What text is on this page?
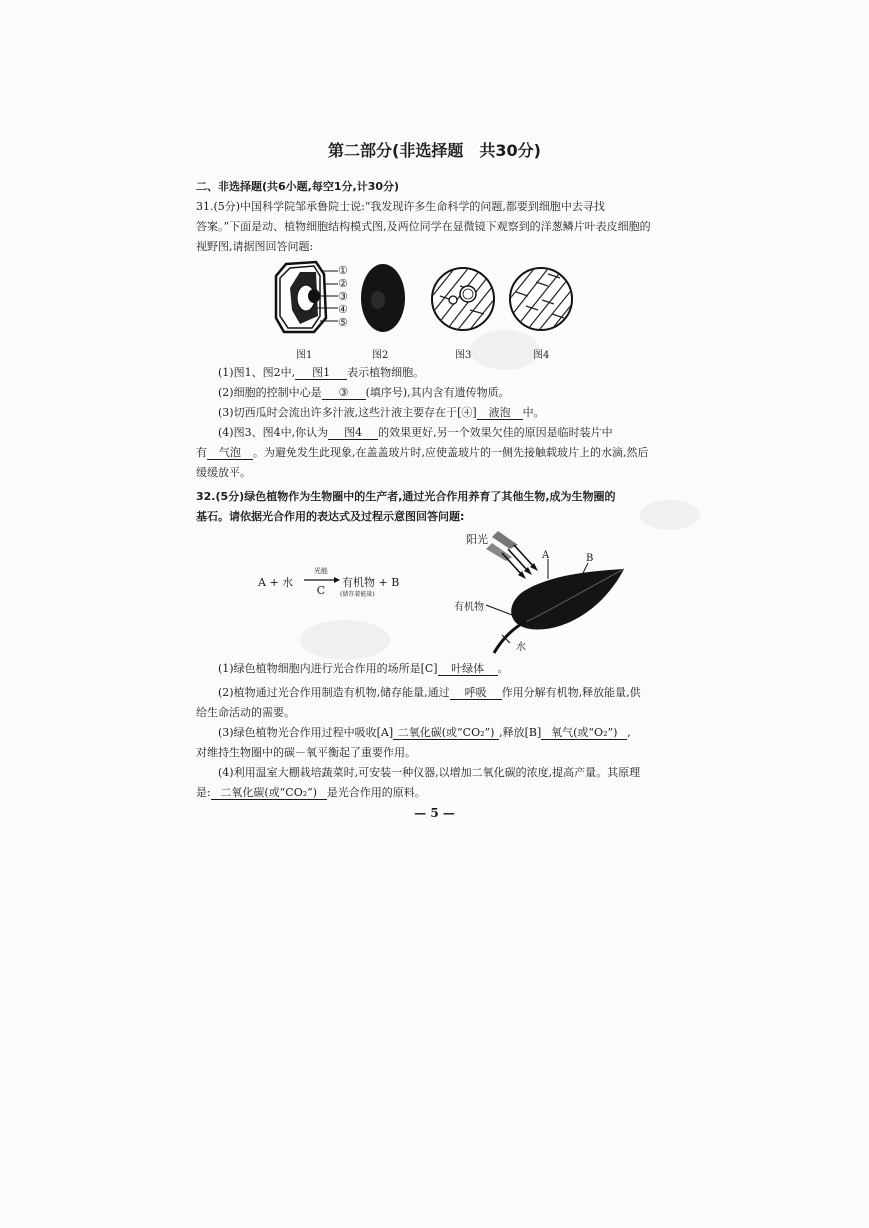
第二部分(非选择题　共30分)
二、非选择题(共6小题,每空1分,计30分)
31.(5分)中国科学院邹承鲁院士说:“我发现许多生命科学的问题,都要到细胞中去寻找
答案。”下面是动、植物细胞结构模式图,及两位同学在显微镜下观察到的洋葱鳞片叶表皮细胞的
视野图,请据图回答问题:
①
②
③
④
⑤
图1	图2	图3	图4
(1)图1、图2中, 图1 表示植物细胞。
(2)细胞的控制中心是 ③ (填序号),其内含有遗传物质。
(3)切西瓜时会流出许多汁液,这些汁液主要存在于[④] 液泡 中。
(4)图3、图4中,你认为 图4 的效果更好,另一个效果欠佳的原因是临时装片中
有 气泡 。为避免发生此现象,在盖盖玻片时,应使盖玻片的一侧先接触载玻片上的水滴,然后
缓缓放平。
32.(5分)绿色植物作为生物圈中的生产者,通过光合作用养育了其他生物,成为生物圈的
基石。请依据光合作用的表达式及过程示意图回答问题:
A + 水
光能
C
有机物 + B
(储存着能量)
阳光
A	B
有机物
水
(1)绿色植物细胞内进行光合作用的场所是[C] 叶绿体 。
(2)植物通过光合作用制造有机物,储存能量,通过 呼吸 作用分解有机物,释放能量,供
给生命活动的需要。
(3)绿色植物光合作用过程中吸收[A] 二氧化碳(或“CO₂”) ,释放[B] 氧气(或“O₂”) ,
对维持生物圈中的碳－氧平衡起了重要作用。
(4)利用温室大棚栽培蔬菜时,可安装一种仪器,以增加二氧化碳的浓度,提高产量。其原理
是: 二氧化碳(或“CO₂”) 是光合作用的原料。
— 5 —
